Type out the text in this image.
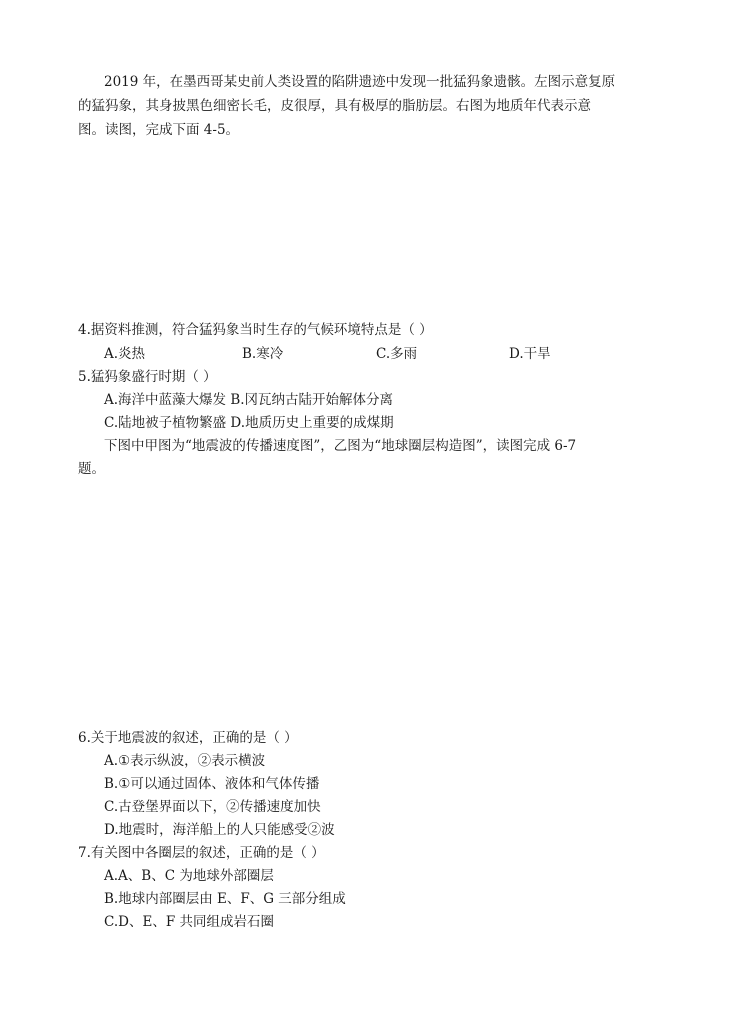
2019 年，在墨西哥某史前人类设置的陷阱遗迹中发现一批猛犸象遗骸。左图示意复原
的猛犸象，其身披黑色细密长毛，皮很厚，具有极厚的脂肪层。右图为地质年代表示意
图。读图，完成下面 4-5。
4.据资料推测，符合猛犸象当时生存的气候环境特点是（ ）
A.炎热	B.寒冷	C.多雨	D.干旱
5.猛犸象盛行时期（ ）
A.海洋中蓝藻大爆发 B.冈瓦纳古陆开始解体分离
C.陆地被子植物繁盛 D.地质历史上重要的成煤期
下图中甲图为“地震波的传播速度图”，乙图为“地球圈层构造图”，读图完成 6-7
题。
6.关于地震波的叙述，正确的是（ ）
A.①表示纵波，②表示横波
B.①可以通过固体、液体和气体传播
C.古登堡界面以下，②传播速度加快
D.地震时，海洋船上的人只能感受②波
7.有关图中各圈层的叙述，正确的是（ ）
A.A、B、C 为地球外部圈层
B.地球内部圈层由 E、F、G 三部分组成
C.D、E、F 共同组成岩石圈
